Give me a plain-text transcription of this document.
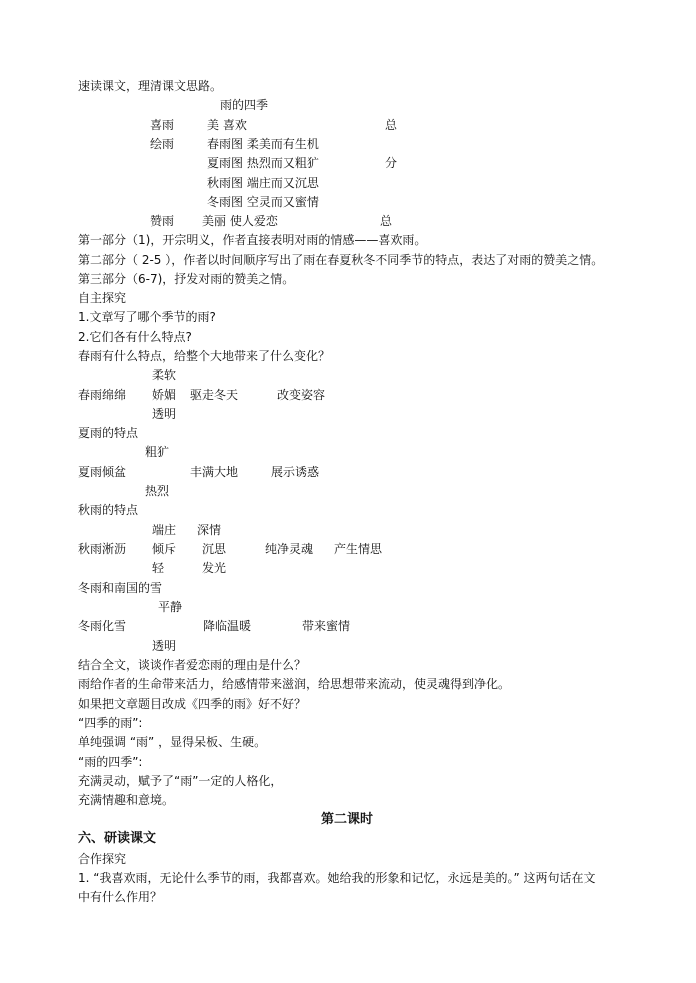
速读课文，理清课文思路。
雨的四季
喜雨	美 喜欢	总
绘雨	春雨图 柔美而有生机
夏雨图 热烈而又粗犷	分
秋雨图 端庄而又沉思
冬雨图 空灵而又蜜情
赞雨 美丽 使人爱恋	总
第一部分（1)，开宗明义，作者直接表明对雨的情感——喜欢雨。
第二部分（ 2-5 ），作者以时间顺序写出了雨在春夏秋冬不同季节的特点，表达了对雨的赞美之情。
第三部分（6-7)，抒发对雨的赞美之情。
自主探究
1.文章写了哪个季节的雨?
2.它们各有什么特点?
春雨有什么特点，给整个大地带来了什么变化？
柔软
春雨绵绵 娇媚 驱走冬天	改变姿容
透明
夏雨的特点
粗犷
夏雨倾盆	丰满大地	展示诱惑
热烈
秋雨的特点
端庄 深情
秋雨淅沥 倾斥 沉思	纯净灵魂 产生情思
轻	发光
冬雨和南国的雪
平静
冬雨化雪	降临温暖	带来蜜情
透明
结合全文，谈谈作者爱恋雨的理由是什么？
雨给作者的生命带来活力，给感情带来滋润，给思想带来流动，使灵魂得到净化。
如果把文章题目改成《四季的雨》好不好？
“四季的雨”:
单纯强调 “雨” ，显得呆板、生硬。
“雨的四季”:
充满灵动，赋予了“雨”一定的人格化，
充满情趣和意境。
第二课时
六、研读课文
合作探究
1. “我喜欢雨，无论什么季节的雨，我都喜欢。她给我的形象和记忆，永远是美的。” 这两句话在文
中有什么作用？
